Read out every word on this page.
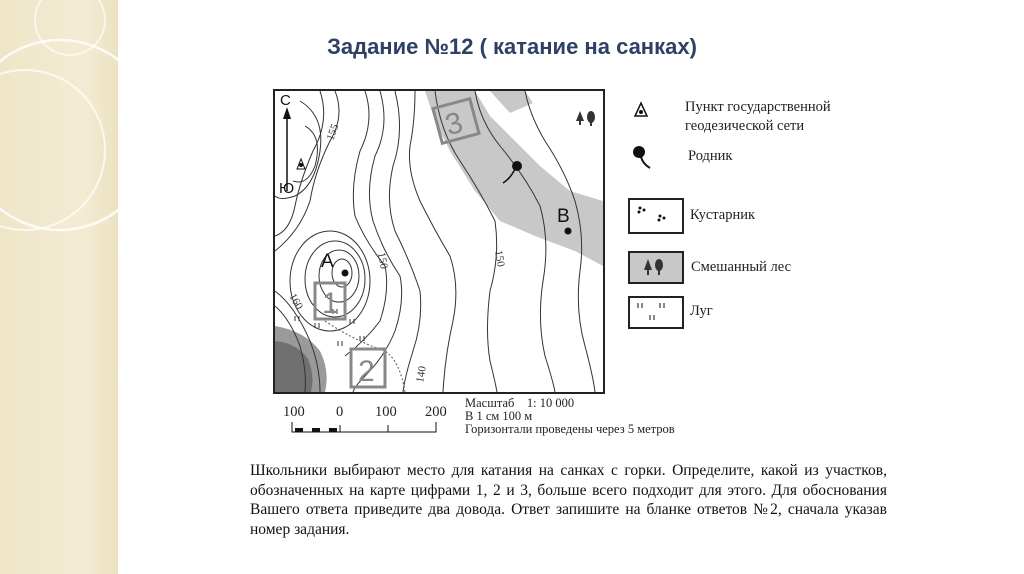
Задание №12 ( катание на санках)
С
Ю
155
150
160
150
140
А
В
1
2
3	Пункт государственной геодезической сети
Родник
Кустарник
Смешанный лес
Луг
100 0 100 200
Масштаб    1: 10 000
В 1 см 100 м
Горизонтали проведены через 5 метров
Школьники выбирают место для катания на санках с горки. Определите, какой из участков, обозначенных на карте цифрами 1, 2 и 3, больше всего подходит для этого. Для обоснования Вашего ответа приведите два довода. Ответ запишите на бланке ответов №2, сначала указав номер задания.
